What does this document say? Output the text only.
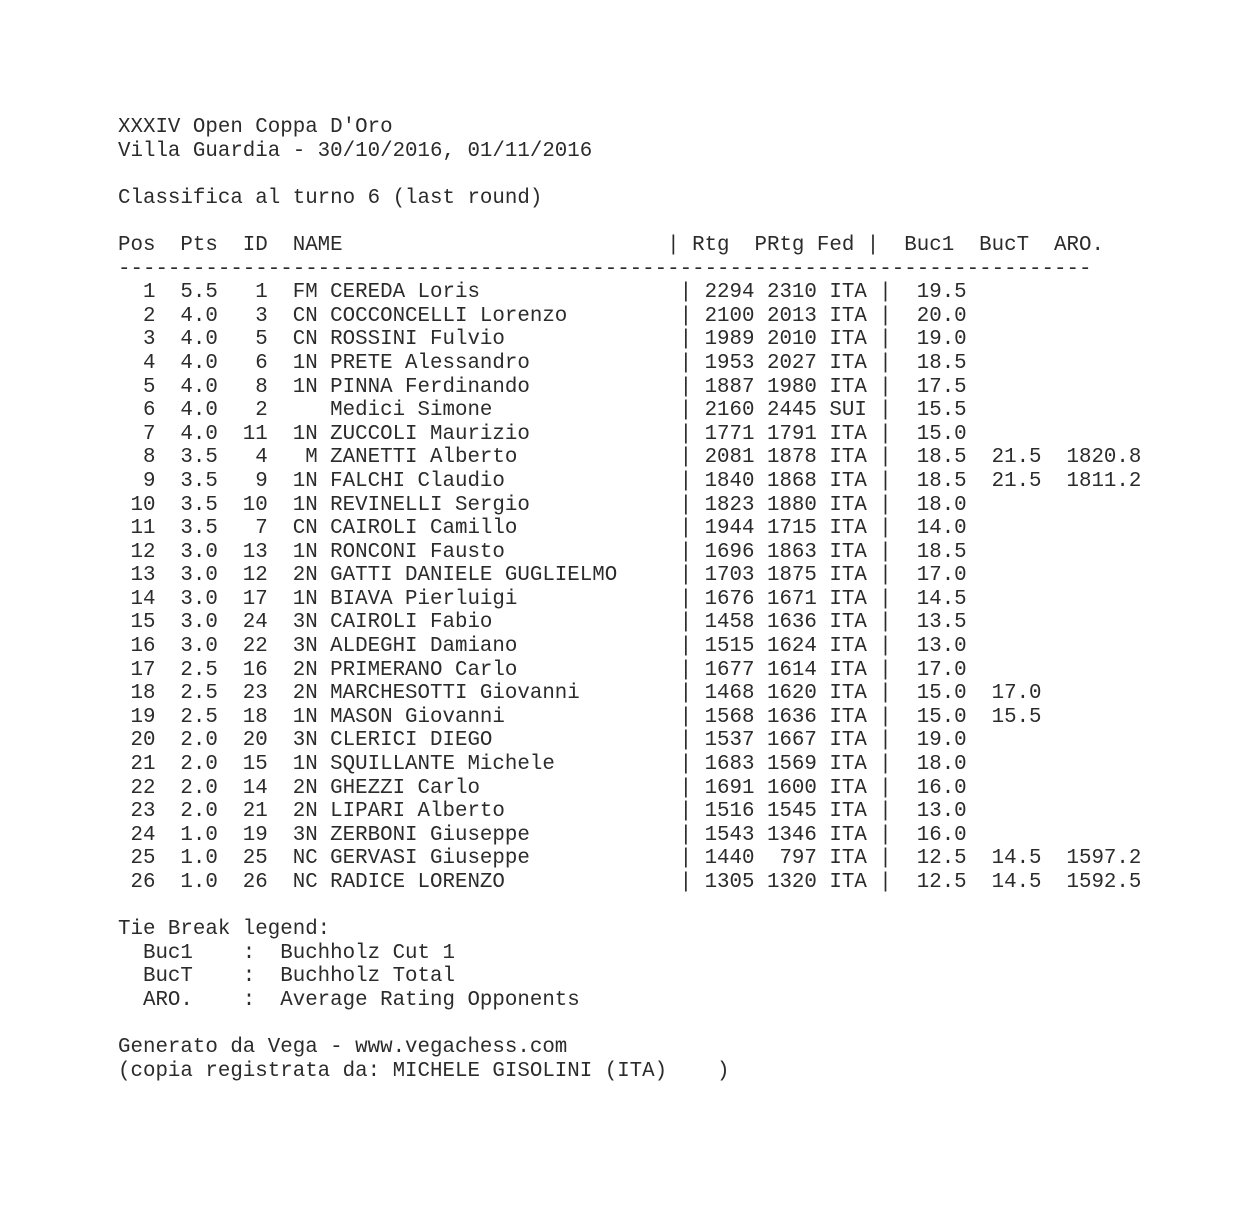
XXXIV Open Coppa D'Oro
Villa Guardia - 30/10/2016, 01/11/2016
Classifica al turno 6 (last round)
Pos  Pts  ID  NAME                          | Rtg  PRtg Fed |  Buc1  BucT  ARO.
------------------------------------------------------------------------------
1  5.5   1  FM CEREDA Loris                | 2294 2310 ITA |  19.5
2  4.0   3  CN COCCONCELLI Lorenzo         | 2100 2013 ITA |  20.0
3  4.0   5  CN ROSSINI Fulvio              | 1989 2010 ITA |  19.0
4  4.0   6  1N PRETE Alessandro            | 1953 2027 ITA |  18.5
5  4.0   8  1N PINNA Ferdinando            | 1887 1980 ITA |  17.5
6  4.0   2     Medici Simone               | 2160 2445 SUI |  15.5
7  4.0  11  1N ZUCCOLI Maurizio            | 1771 1791 ITA |  15.0
8  3.5   4   M ZANETTI Alberto             | 2081 1878 ITA |  18.5  21.5  1820.8
9  3.5   9  1N FALCHI Claudio              | 1840 1868 ITA |  18.5  21.5  1811.2
10  3.5  10  1N REVINELLI Sergio            | 1823 1880 ITA |  18.0
11  3.5   7  CN CAIROLI Camillo             | 1944 1715 ITA |  14.0
12  3.0  13  1N RONCONI Fausto              | 1696 1863 ITA |  18.5
13  3.0  12  2N GATTI DANIELE GUGLIELMO     | 1703 1875 ITA |  17.0
14  3.0  17  1N BIAVA Pierluigi             | 1676 1671 ITA |  14.5
15  3.0  24  3N CAIROLI Fabio               | 1458 1636 ITA |  13.5
16  3.0  22  3N ALDEGHI Damiano             | 1515 1624 ITA |  13.0
17  2.5  16  2N PRIMERANO Carlo             | 1677 1614 ITA |  17.0
18  2.5  23  2N MARCHESOTTI Giovanni        | 1468 1620 ITA |  15.0  17.0
19  2.5  18  1N MASON Giovanni              | 1568 1636 ITA |  15.0  15.5
20  2.0  20  3N CLERICI DIEGO               | 1537 1667 ITA |  19.0
21  2.0  15  1N SQUILLANTE Michele          | 1683 1569 ITA |  18.0
22  2.0  14  2N GHEZZI Carlo                | 1691 1600 ITA |  16.0
23  2.0  21  2N LIPARI Alberto              | 1516 1545 ITA |  13.0
24  1.0  19  3N ZERBONI Giuseppe            | 1543 1346 ITA |  16.0
25  1.0  25  NC GERVASI Giuseppe            | 1440  797 ITA |  12.5  14.5  1597.2
26  1.0  26  NC RADICE LORENZO              | 1305 1320 ITA |  12.5  14.5  1592.5
Tie Break legend:
Buc1    :  Buchholz Cut 1
BucT    :  Buchholz Total
ARO.    :  Average Rating Opponents
Generato da Vega - www.vegachess.com
(copia registrata da: MICHELE GISOLINI (ITA)    )
